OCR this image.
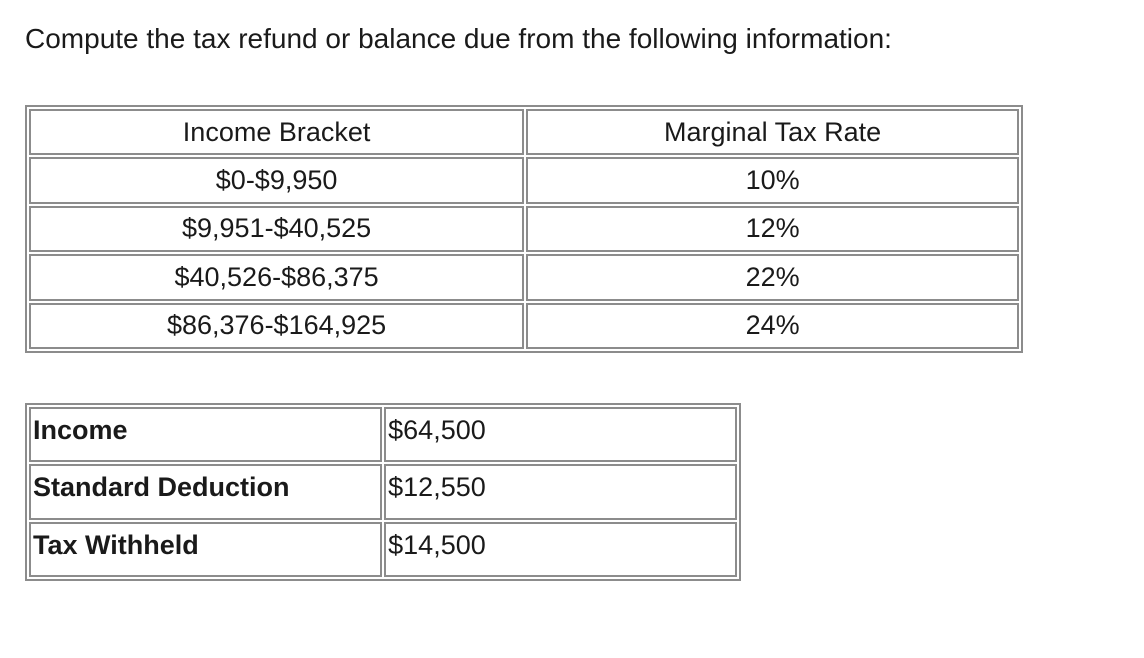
Compute the tax refund or balance due from the following information:

Income Bracket	Marginal Tax Rate
$0-$9,950	10%
$9,951-$40,525	12%
$40,526-$86,375	22%
$86,376-$164,925	24%
Income	$64,500
Standard Deduction	$12,550
Tax Withheld	$14,500
